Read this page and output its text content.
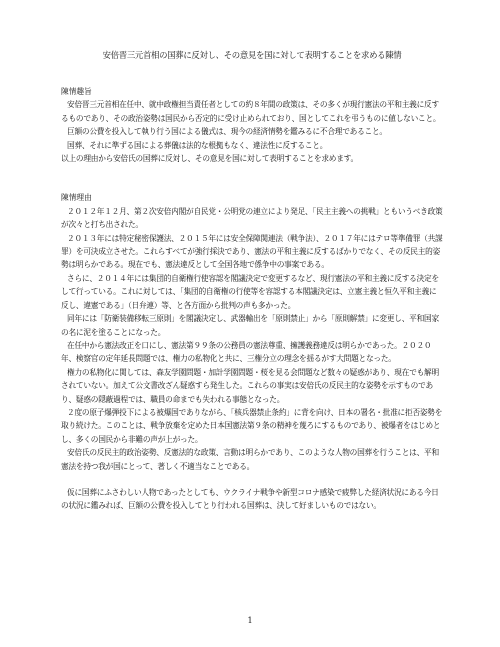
安倍晋三元首相の国葬に反対し、その意見を国に対して表明することを求める陳情
陳情趣旨
安倍晋三元首相在任中、就中政権担当責任者としての約８年間の政策は、その多くが現行憲法の平和主義に反するものであり、その政治姿勢は国民から否定的に受け止められており、国としてこれを弔うものに値しないこと。
巨額の公費を投入して執り行う国による儀式は、現今の経済情勢を鑑みるに不合理であること。
国葬、それに準ずる国による葬儀は法的な根拠もなく、違法性に反すること。
以上の理由から安倍氏の国葬に反対し、その意見を国に対して表明することを求めます。
陳情理由
２０１２年１２月、第２次安倍内閣が自民党・公明党の連立により発足、「民主主義への挑戦」ともいうべき政策が次々と打ち出された。
２０１３年には特定秘密保護法、２０１５年には安全保障関連法（戦争法）、２０１７年にはテロ等準備罪（共謀罪）を可決成立させた。これらすべてが強行採決であり、憲法の平和主義に反するばかりでなく、その反民主的姿勢は明らかである。現在でも、憲法違反として全国各地で係争中の事案である。
さらに、２０１４年には集団的自衛権行使容認を閣議決定で変更するなど、現行憲法の平和主義に反する決定をして行っている。これに対しては、「集団的自衛権の行使等を容認する本閣議決定は、立憲主義と恒久平和主義に反し、違憲である」（日弁連）等、と各方面から批判の声も多かった。
同年には「防衛装備移転三原則」を閣議決定し、武器輸出を「原則禁止」から「原則解禁」に変更し、平和国家の名に泥を塗ることになった。
在任中から憲法改正を口にし、憲法第９９条の公務員の憲法尊重、擁護義務違反は明らかであった。２０２０年、検察官の定年延長問題では、権力の私物化と共に、三権分立の理念を揺るがす大問題となった。
権力の私物化に関しては、森友学園問題・加計学園問題・桜を見る会問題など数々の疑惑があり、現在でも解明されていない。加えて公文書改ざん疑惑すら発生した。これらの事実は安倍氏の反民主的な姿勢を示すものであり、疑惑の隠蔽過程では、職員の命までも失われる事態となった。
２度の原子爆弾投下による被爆国でありながら、「核兵器禁止条約」に背を向け、日本の署名・批准に拒否姿勢を取り続けた。このことは、戦争放棄を定めた日本国憲法第９条の精神を蔑ろにするものであり、被爆者をはじめとし、多くの国民から非難の声が上がった。
安倍氏の反民主的政治姿勢、反憲法的な政策、言動は明らかであり、このような人物の国葬を行うことは、平和憲法を持つ我が国にとって、著しく不適当なことである。
仮に国葬にふさわしい人物であったとしても、ウクライナ戦争や新型コロナ感染で疲弊した経済状況にある今日の状況に鑑みれば、巨額の公費を投入してとり行われる国葬は、決して好ましいものではない。
1
